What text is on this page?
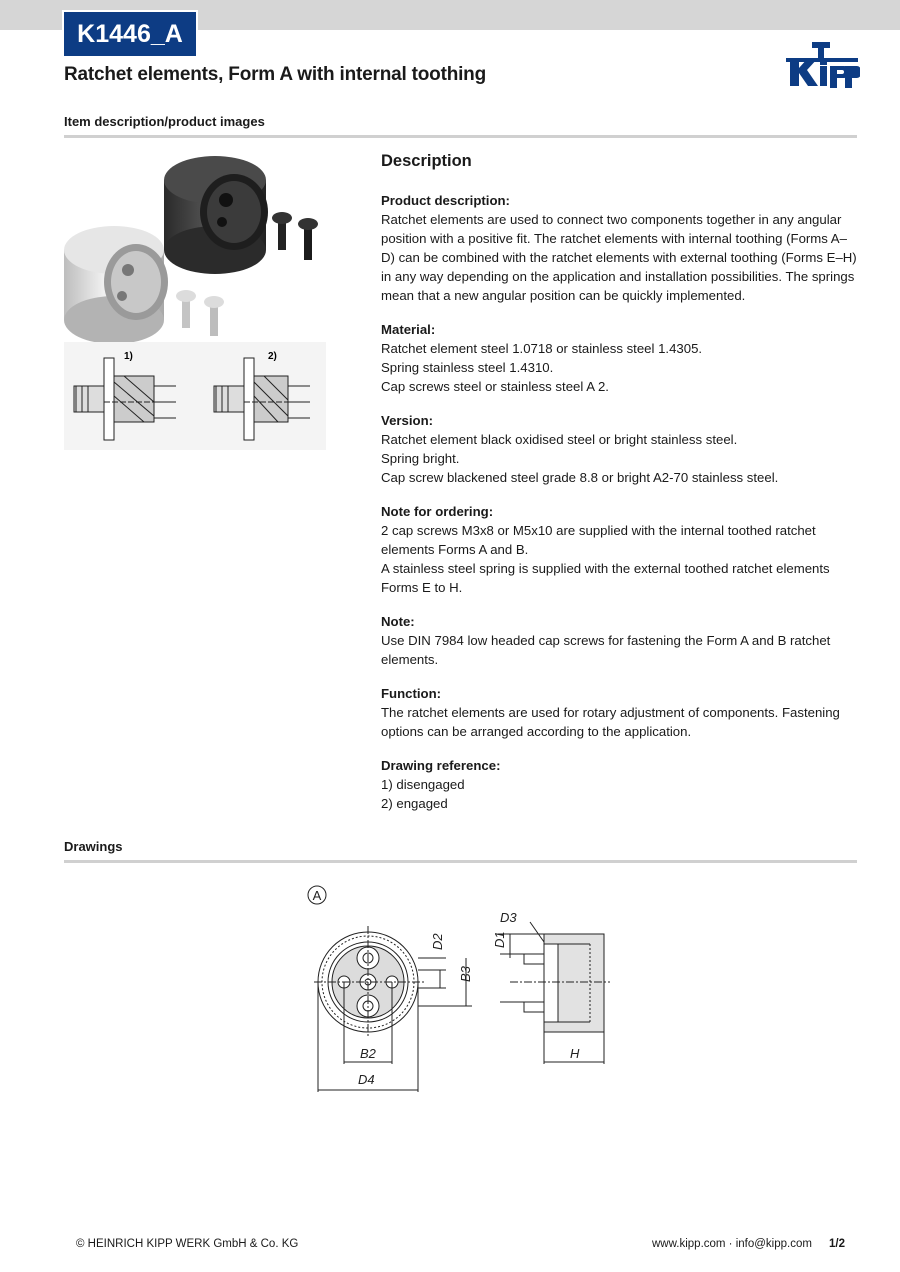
K1446_A
Ratchet elements, Form A with internal toothing
Item description/product images
1)	2)
Description
Product description:
Ratchet elements are used to connect two components together in any angular position with a positive fit. The ratchet elements with internal toothing (Forms A–D) can be combined with the ratchet elements with external toothing (Forms E–H) in any way depending on the application and installation possibilities. The springs mean that a new angular position can be quickly implemented.
Material:
Ratchet element steel 1.0718 or stainless steel 1.4305.
Spring stainless steel 1.4310.
Cap screws steel or stainless steel A 2.
Version:
Ratchet element black oxidised steel or bright stainless steel.
Spring bright.
Cap screw blackened steel grade 8.8 or bright A2-70 stainless steel.
Note for ordering:
2 cap screws M3x8 or M5x10 are supplied with the internal toothed ratchet elements Forms A and B.
A stainless steel spring is supplied with the external toothed ratchet elements Forms E to H.
Note:
Use DIN 7984 low headed cap screws for fastening the Form A and B ratchet elements.
Function:
The ratchet elements are used for rotary adjustment of components. Fastening options can be arranged according to the application.
Drawing reference:
1) disengaged
2) engaged
Drawings
A
D2
B3
B2
D4
D1
D3
H
© HEINRICH KIPP WERK GmbH & Co. KG	www.kipp.com · info@kipp.com 1/2
